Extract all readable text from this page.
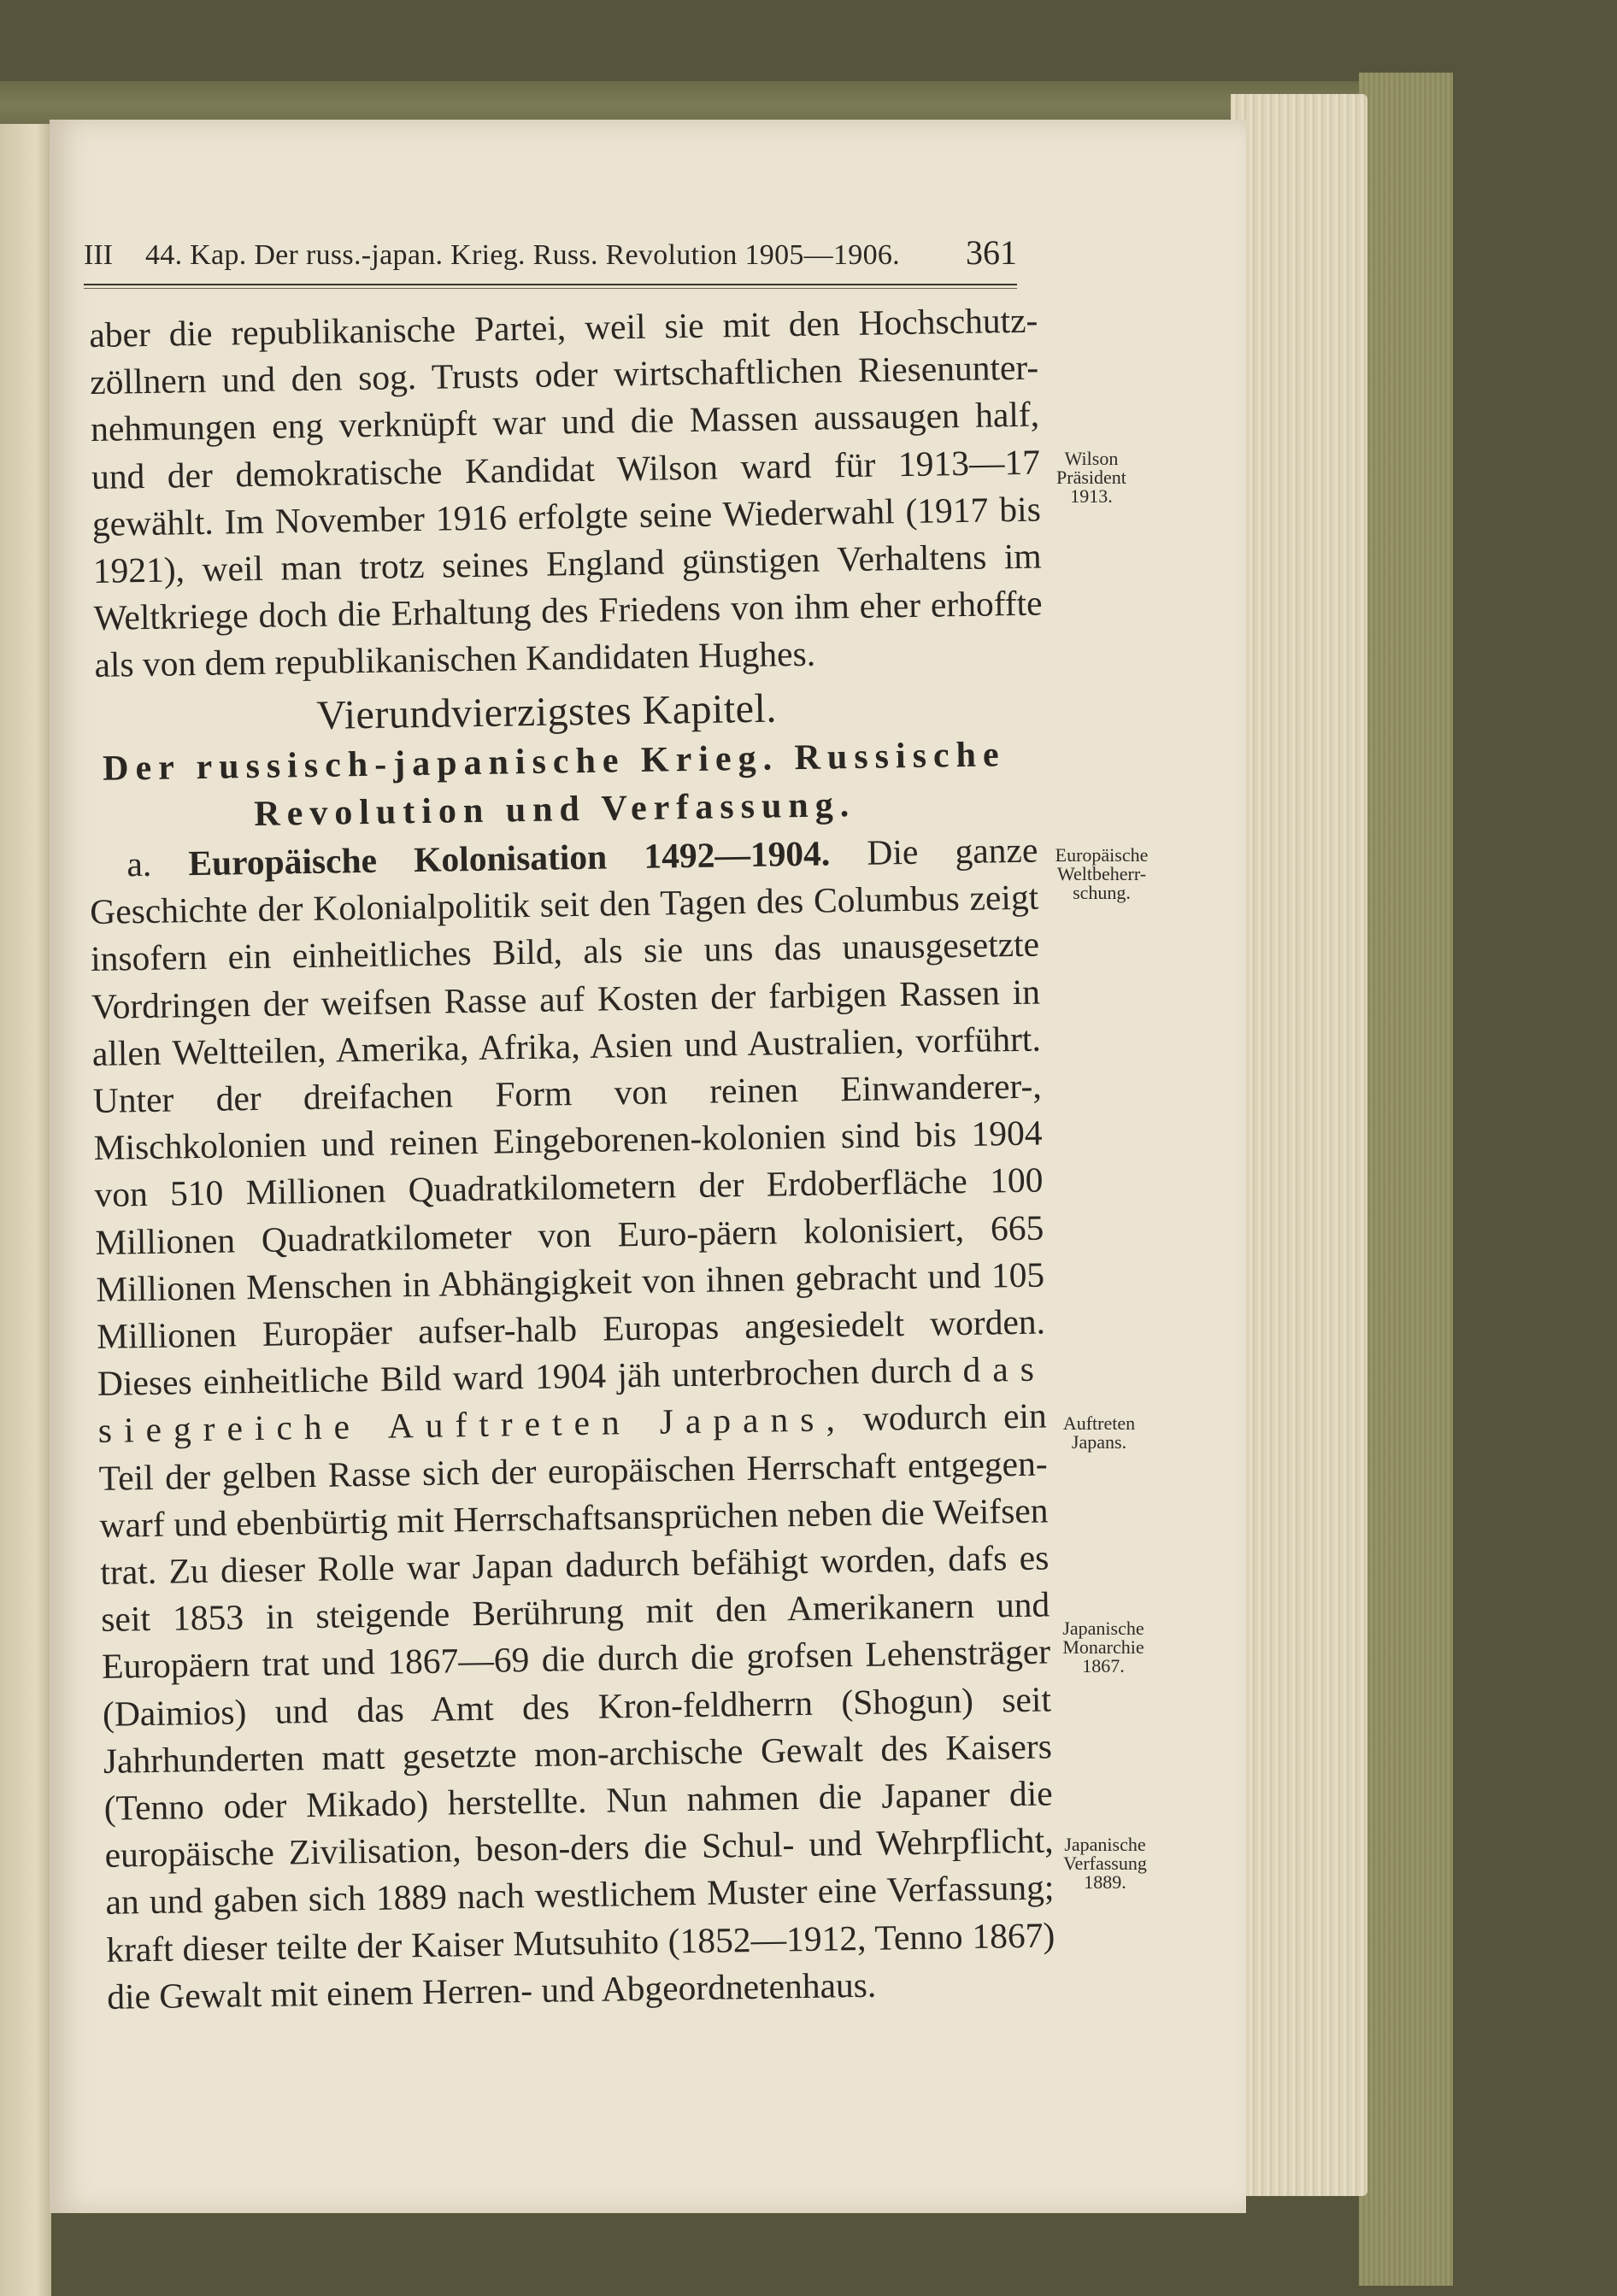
III 44. Kap. Der russ.-japan. Krieg. Russ. Revolution 1905—1906. 361

aber die republikanische Partei, weil sie mit den Hochschutz-zöllnern und den sog. Trusts oder wirtschaftlichen Riesenunter-nehmungen eng verknüpft war und die Massen aussaugen half, und der demokratische Kandidat Wilson ward für 1913—17 gewählt. Im November 1916 erfolgte seine Wiederwahl (1917 bis 1921), weil man trotz seines England günstigen Verhaltens im Weltkriege doch die Erhaltung des Friedens von ihm eher erhoffte als von dem republikanischen Kandidaten Hughes.

Vierundvierzigstes Kapitel.
Der russisch-japanische Krieg. Russische Revolution und Verfassung.

a. Europäische Kolonisation 1492—1904. Die ganze Geschichte der Kolonialpolitik seit den Tagen des Columbus zeigt insofern ein einheitliches Bild, als sie uns das unausgesetzte Vordringen der weifsen Rasse auf Kosten der farbigen Rassen in allen Weltteilen, Amerika, Afrika, Asien und Australien, vorführt. Unter der dreifachen Form von reinen Einwanderer-, Mischkolonien und reinen Eingeborenen-kolonien sind bis 1904 von 510 Millionen Quadratkilometern der Erdoberfläche 100 Millionen Quadratkilometer von Euro-päern kolonisiert, 665 Millionen Menschen in Abhängigkeit von ihnen gebracht und 105 Millionen Europäer aufser-halb Europas angesiedelt worden. Dieses einheitliche Bild ward 1904 jäh unterbrochen durch das siegreiche Auftreten Japans, wodurch ein Teil der gelben Rasse sich der europäischen Herrschaft entgegen-warf und ebenbürtig mit Herrschaftsansprüchen neben die Weifsen trat. Zu dieser Rolle war Japan dadurch befähigt worden, dafs es seit 1853 in steigende Berührung mit den Amerikanern und Europäern trat und 1867—69 die durch die grofsen Lehensträger (Daimios) und das Amt des Kron-feldherrn (Shogun) seit Jahrhunderten matt gesetzte mon-archische Gewalt des Kaisers (Tenno oder Mikado) herstellte. Nun nahmen die Japaner die europäische Zivilisation, beson-ders die Schul- und Wehrpflicht, an und gaben sich 1889 nach westlichem Muster eine Verfassung; kraft dieser teilte der Kaiser Mutsuhito (1852—1912, Tenno 1867) die Gewalt mit einem Herren- und Abgeordnetenhaus.

Wilson
Präsident
1913.
Europäische
Weltbeherr-
schung.
Auftreten
Japans.
Japanische
Monarchie
1867.
Japanische
Verfassung
1889.
